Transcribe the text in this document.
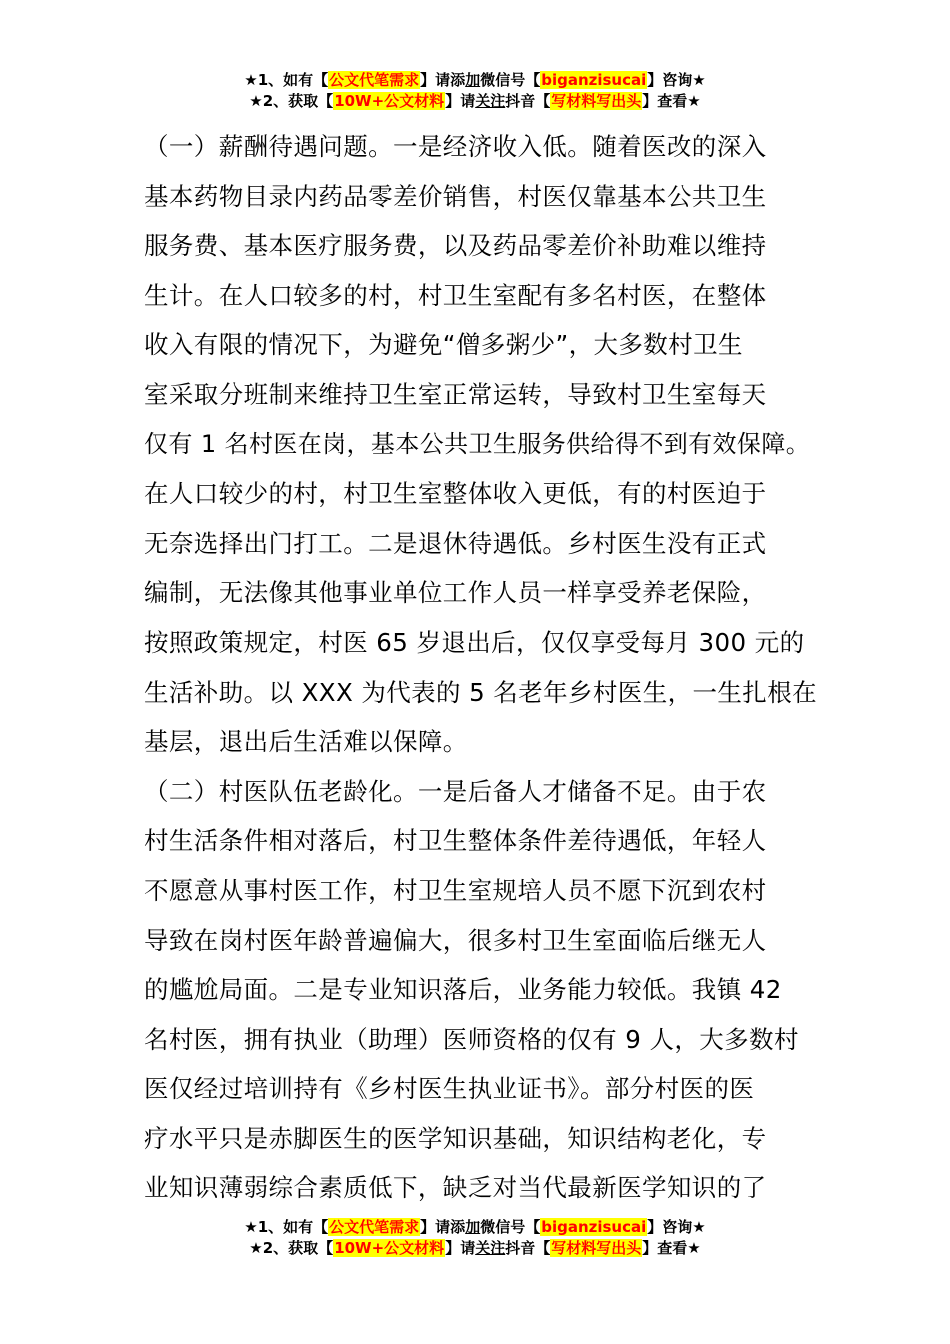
★1、如有【公文代笔需求】请添加微信号【biganzisucai】咨询★
★2、获取【10W+公文材料】请关注抖音【写材料写出头】查看★
（一）薪酬待遇问题。一是经济收入低。随着医改的深入
基本药物目录内药品零差价销售，村医仅靠基本公共卫生
服务费、基本医疗服务费，以及药品零差价补助难以维持
生计。在人口较多的村，村卫生室配有多名村医，在整体
收入有限的情况下，为避免“僧多粥少”，大多数村卫生
室采取分班制来维持卫生室正常运转，导致村卫生室每天
仅有 1 名村医在岗，基本公共卫生服务供给得不到有效保障。
在人口较少的村，村卫生室整体收入更低，有的村医迫于
无奈选择出门打工。二是退休待遇低。乡村医生没有正式
编制，无法像其他事业单位工作人员一样享受养老保险，
按照政策规定，村医 65 岁退出后，仅仅享受每月 300 元的
生活补助。以 XXX 为代表的 5 名老年乡村医生，一生扎根在
基层，退出后生活难以保障。
（二）村医队伍老龄化。一是后备人才储备不足。由于农
村生活条件相对落后，村卫生整体条件差待遇低，年轻人
不愿意从事村医工作，村卫生室规培人员不愿下沉到农村
导致在岗村医年龄普遍偏大，很多村卫生室面临后继无人
的尴尬局面。二是专业知识落后，业务能力较低。我镇 42
名村医，拥有执业（助理）医师资格的仅有 9 人，大多数村
医仅经过培训持有《乡村医生执业证书》。部分村医的医
疗水平只是赤脚医生的医学知识基础，知识结构老化，专
业知识薄弱综合素质低下，缺乏对当代最新医学知识的了
★1、如有【公文代笔需求】请添加微信号【biganzisucai】咨询★
★2、获取【10W+公文材料】请关注抖音【写材料写出头】查看★
